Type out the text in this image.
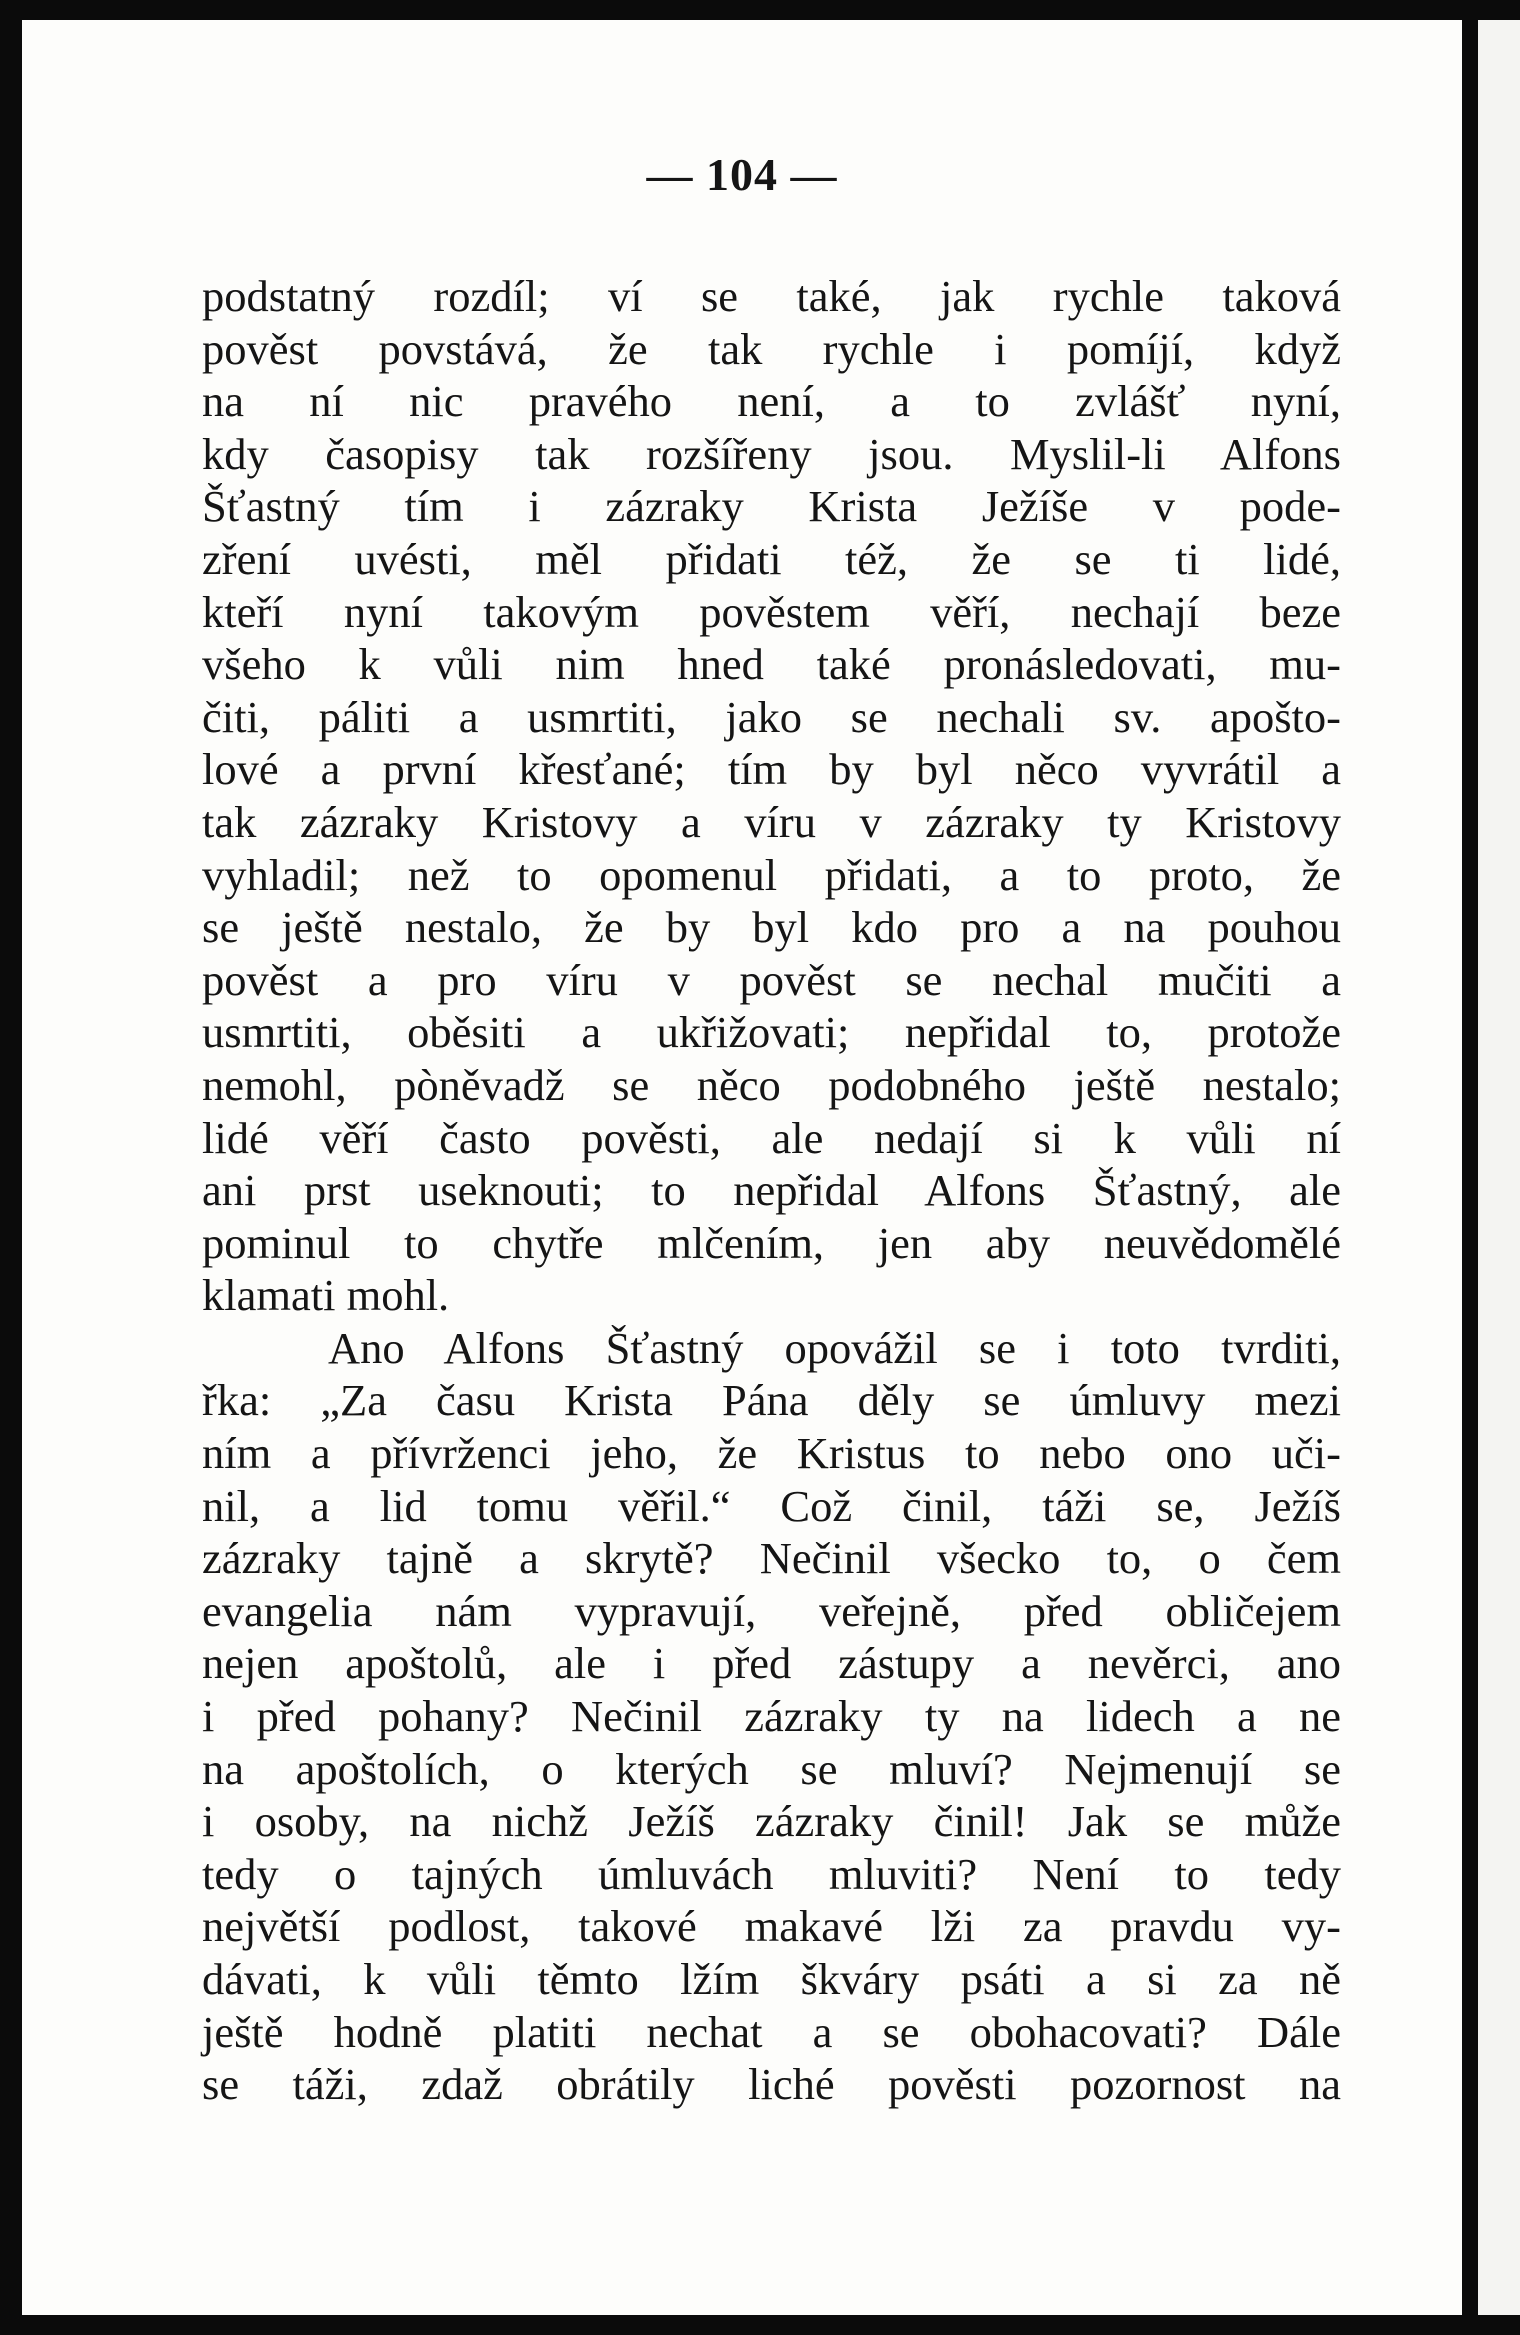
— 104 —
podstatný rozdíl; ví se také, jak rychle taková
pověst povstává, že tak rychle i pomíjí, když
na ní nic pravého není, a to zvlášť nyní,
kdy časopisy tak rozšířeny jsou. Myslil-li Alfons
Šťastný tím i zázraky Krista Ježíše v pode-
zření uvésti, měl přidati též, že se ti lidé,
kteří nyní takovým pověstem věří, nechají beze
všeho k vůli nim hned také pronásledovati, mu-
čiti, páliti a usmrtiti, jako se nechali sv. apošto-
lové a první křesťané; tím by byl něco vyvrátil a
tak zázraky Kristovy a víru v zázraky ty Kristovy
vyhladil; než to opomenul přidati, a to proto, že
se ještě nestalo, že by byl kdo pro a na pouhou
pověst a pro víru v pověst se nechal mučiti a
usmrtiti, oběsiti a ukřižovati; nepřidal to, protože
nemohl, pòněvadž se něco podobného ještě nestalo;
lidé věří často pověsti, ale nedají si k vůli ní
ani prst useknouti; to nepřidal Alfons Šťastný, ale
pominul to chytře mlčením, jen aby neuvědomělé
klamati mohl.
Ano Alfons Šťastný opovážil se i toto tvrditi,
řka: „Za času Krista Pána děly se úmluvy mezi
ním a přívrženci jeho, že Kristus to nebo ono uči-
nil, a lid tomu věřil.“ Což činil, táži se, Ježíš
zázraky tajně a skrytě? Nečinil všecko to, o čem
evangelia nám vypravují, veřejně, před obličejem
nejen apoštolů, ale i před zástupy a nevěrci, ano
i před pohany? Nečinil zázraky ty na lidech a ne
na apoštolích, o kterých se mluví? Nejmenují se
i osoby, na nichž Ježíš zázraky činil! Jak se může
tedy o tajných úmluvách mluviti? Není to tedy
největší podlost, takové makavé lži za pravdu vy-
dávati, k vůli těmto lžím škváry psáti a si za ně
ještě hodně platiti nechat a se obohacovati? Dále
se táži, zdaž obrátily liché pověsti pozornost na
